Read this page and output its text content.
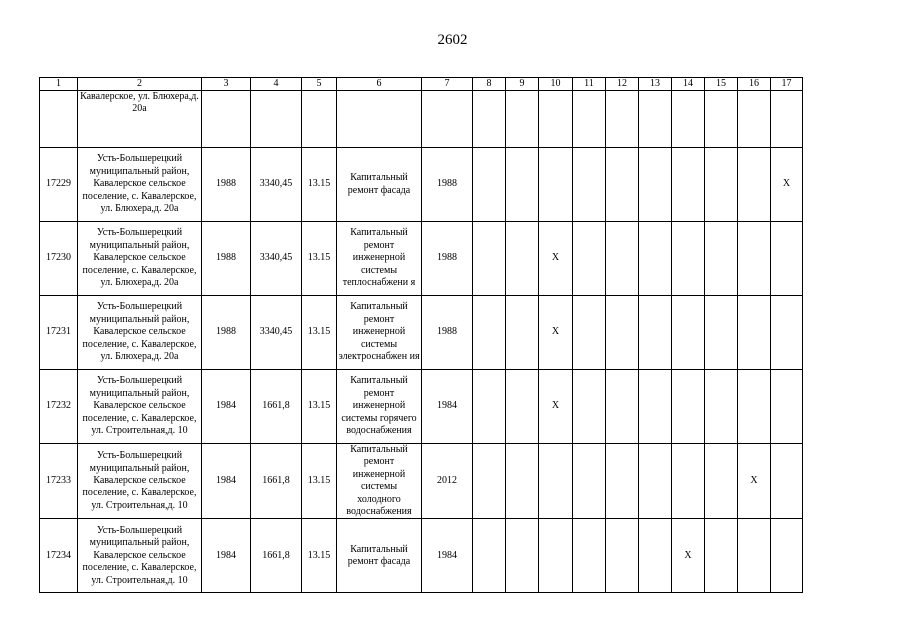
2602
1	2	3	4	5	6	7	8	9	10	11	12	13	14	15	16	17
	Кавалерское, ул. Блюхера,д. 20а															
17229	Усть-Большерецкий муниципальный район, Кавалерское сельское поселение, с. Кавалерское, ул. Блюхера,д. 20а	1988	3340,45	13.15	Капитальный ремонт фасада	1988										X
17230	Усть-Большерецкий муниципальный район, Кавалерское сельское поселение, с. Кавалерское, ул. Блюхера,д. 20а	1988	3340,45	13.15	Капитальный ремонт инженерной системы теплоснабжени я	1988			X							
17231	Усть-Большерецкий муниципальный район, Кавалерское сельское поселение, с. Кавалерское, ул. Блюхера,д. 20а	1988	3340,45	13.15	Капитальный ремонт инженерной системы электроснабжен ия	1988			X							
17232	Усть-Большерецкий муниципальный район, Кавалерское сельское поселение, с. Кавалерское, ул. Строительная,д. 10	1984	1661,8	13.15	Капитальный ремонт инженерной системы горячего водоснабжения	1984			X							
17233	Усть-Большерецкий муниципальный район, Кавалерское сельское поселение, с. Кавалерское, ул. Строительная,д. 10	1984	1661,8	13.15	Капитальный ремонт инженерной системы холодного водоснабжения	2012									X	
17234	Усть-Большерецкий муниципальный район, Кавалерское сельское поселение, с. Кавалерское, ул. Строительная,д. 10	1984	1661,8	13.15	Капитальный ремонт фасада	1984							X			
